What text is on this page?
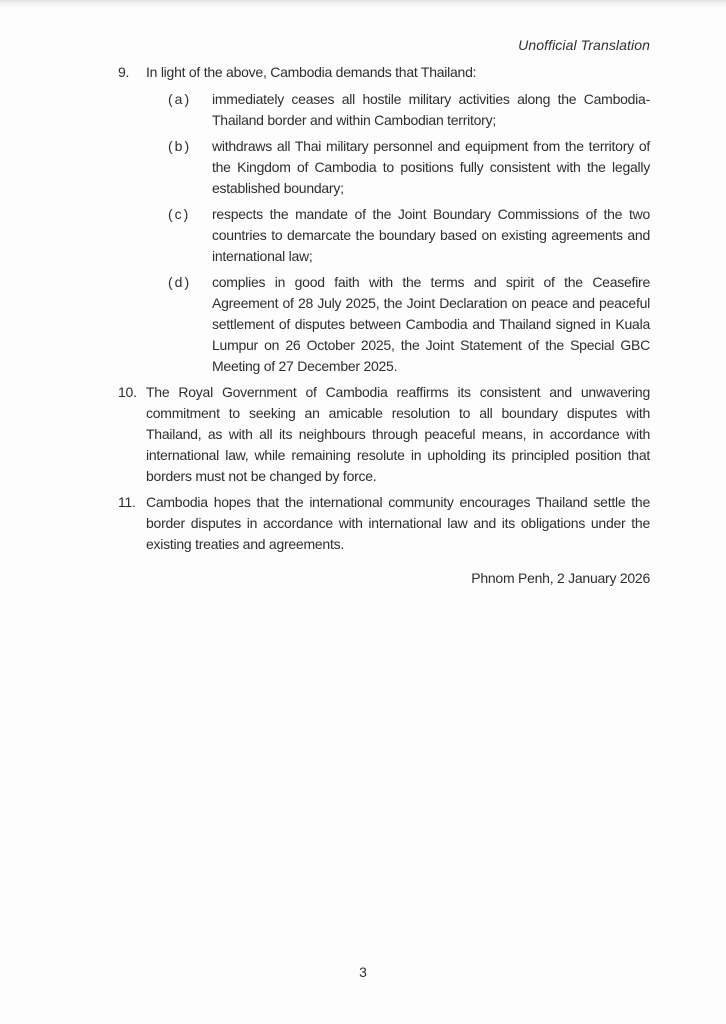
Unofficial Translation
9. In light of the above, Cambodia demands that Thailand:

(a) immediately ceases all hostile military activities along the Cambodia-Thailand border and within Cambodian territory;

(b) withdraws all Thai military personnel and equipment from the territory of the Kingdom of Cambodia to positions fully consistent with the legally established boundary;

(c) respects the mandate of the Joint Boundary Commissions of the two countries to demarcate the boundary based on existing agreements and international law;

(d) complies in good faith with the terms and spirit of the Ceasefire Agreement of 28 July 2025, the Joint Declaration on peace and peaceful settlement of disputes between Cambodia and Thailand signed in Kuala Lumpur on 26 October 2025, the Joint Statement of the Special GBC Meeting of 27 December 2025.

10. The Royal Government of Cambodia reaffirms its consistent and unwavering commitment to seeking an amicable resolution to all boundary disputes with Thailand, as with all its neighbours through peaceful means, in accordance with international law, while remaining resolute in upholding its principled position that borders must not be changed by force.

11. Cambodia hopes that the international community encourages Thailand settle the border disputes in accordance with international law and its obligations under the existing treaties and agreements.

Phnom Penh, 2 January 2026

3
